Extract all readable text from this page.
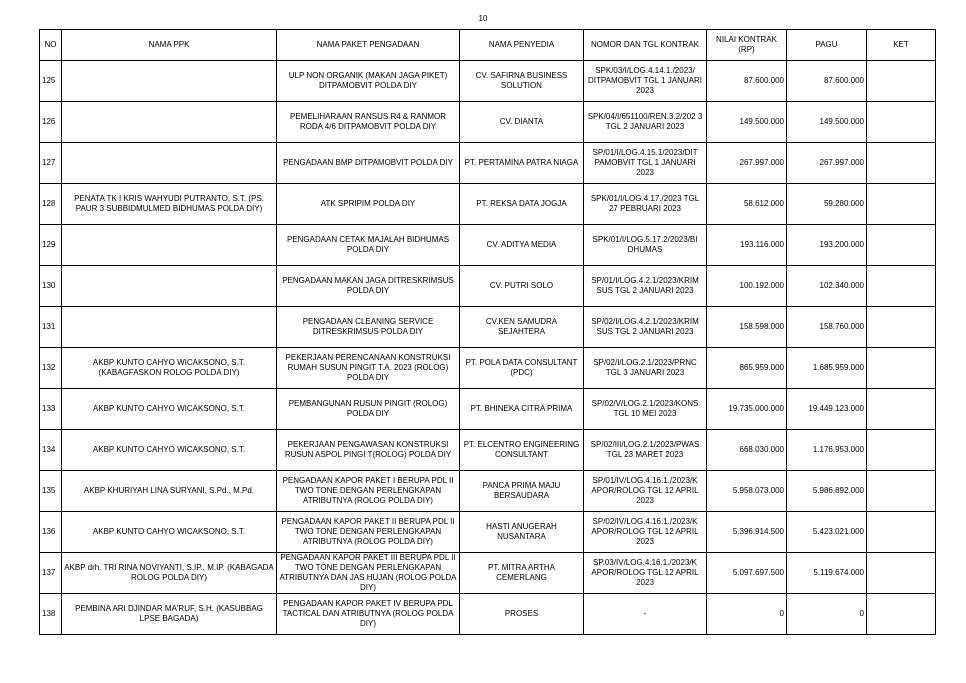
10
NO	NAMA PPK	NAMA PAKET PENGADAAN	NAMA PENYEDIA	NOMOR DAN TGL KONTRAK	NILAI KONTRAK (RP)	PAGU	KET
125		ULP NON ORGANIK (MAKAN JAGA PIKET) DITPAMOBVIT POLDA DIY	CV. SAFIRNA BUSINESS SOLUTION	SPK/03/I/LOG.4.14.1./2023/ DITPAMOBVIT TGL 1 JANUARI 2023	87.600.000	87.600.000	
126		PEMELIHARAAN RANSUS R4 & RANMOR RODA 4/6 DITPAMOBVIT POLDA DIY	CV. DIANTA	SPK/04/I/651100/REN.3.2/202 3 TGL 2 JANUARI 2023	149.500.000	149.500.000	
127		PENGADAAN BMP DITPAMOBVIT POLDA DIY	PT. PERTAMINA PATRA NIAGA	SP/01/I/LOG.4.15.1/2023/DIT PAMOBVIT TGL 1 JANUARI 2023	267.997.000	267.997.000	
128	PENATA TK I KRIS WAHYUDI PUTRANTO, S.T. (PS. PAUR 3 SUBBIDMULMED BIDHUMAS POLDA DIY)	ATK SPRIPIM POLDA DIY	PT. REKSA DATA JOGJA	SPK/01/I/LOG.4.17./2023 TGL 27 PEBRUARI 2023	58.612.000	59.280.000	
129		PENGADAAN CETAK MAJALAH BIDHUMAS POLDA DIY	CV. ADITYA MEDIA	SPK/01/I/LOG.5.17.2/2023/BI DHUMAS	193.116.000	193.200.000	
130		PENGADAAN MAKAN JAGA DITRESKRIMSUS POLDA DIY	CV. PUTRI SOLO	SP/01/I/LOG.4.2.1/2023/KRIM SUS TGL 2 JANUARI 2023	100.192.000	102.340.000	
131		PENGADAAN CLEANING SERVICE DITRESKRIMSUS POLDA DIY	CV.KEN SAMUDRA SEJAHTERA	SP/02/I/LOG.4.2.1/2023/KRIM SUS TGL 2 JANUARI 2023	158.598.000	158.760.000	
132	AKBP KUNTO CAHYO WICAKSONO, S.T. (KABAGFASKON ROLOG POLDA DIY)	PEKERJAAN PERENCANAAN KONSTRUKSI RUMAH SUSUN PINGIT T.A. 2023 (ROLOG) POLDA DIY	PT. POLA DATA CONSULTANT (PDC)	SP/02/I/LOG.2.1/2023/PRNC TGL 3 JANUARI 2023	865.959.000	1.685.959.000	
133	AKBP KUNTO CAHYO WICAKSONO, S.T.	PEMBANGUNAN RUSUN PINGIT (ROLOG) POLDA DIY	PT. BHINEKA CITRA PRIMA	SP/02/V/LOG.2.1/2023/KONS TGL 10 MEI 2023	19.735.000.000	19.449.123.000	
134	AKBP KUNTO CAHYO WICAKSONO, S.T.	PEKERJAAN PENGAWASAN KONSTRUKSI RUSUN ASPOL PINGI T(ROLOG) POLDA DIY	PT. ELCENTRO ENGINEERING CONSULTANT	SP/02/III/LOG.2.1/2023/PWAS TGL 23 MARET 2023	668.030.000	1.176.953.000	
135	AKBP KHURIYAH LINA SURYANI, S.Pd., M.Pd.	PENGADAAN KAPOR PAKET I BERUPA PDL II TWO TONE DENGAN PERLENGKAPAN ATRIBUTNYA (ROLOG POLDA DIY)	PANCA PRIMA MAJU BERSAUDARA	SP/01/IV/LOG.4.16.1./2023/K APOR/ROLOG TGL 12 APRIL 2023	5.958.073.000	5.986.892.000	
136	AKBP KUNTO CAHYO WICAKSONO, S.T.	PENGADAAN KAPOR PAKET II BERUPA PDL II TWO TONE DENGAN PERLENGKAPAN ATRIBUTNYA (ROLOG POLDA DIY)	HASTI ANUGERAH NUSANTARA	SP/02/IV/LOG.4.16.1./2023/K APOR/ROLOG TGL 12 APRIL 2023	5.396.914.500	5.423.021.000	
137	AKBP drh. TRI RINA NOVIYANTI, S.IP., M.IP. (KABAGADA ROLOG POLDA DIY)	PENGADAAN KAPOR PAKET III BERUPA PDL II TWO TONE DENGAN PERLENGKAPAN ATRIBUTNYA DAN JAS HUJAN (ROLOG POLDA DIY)	PT. MITRA ARTHA CEMERLANG	SP.03/IV/LOG.4.16.1./2023/K APOR/ROLOG TGL 12 APRIL 2023	5.097.697.500	5.119.674.000	
138	PEMBINA ARI DJINDAR MA'RUF, S.H. (KASUBBAG LPSE BAGADA)	PENGADAAN KAPOR PAKET IV BERUPA PDL TACTICAL DAN ATRIBUTNYA (ROLOG POLDA DIY)	PROSES	-	0	0	
